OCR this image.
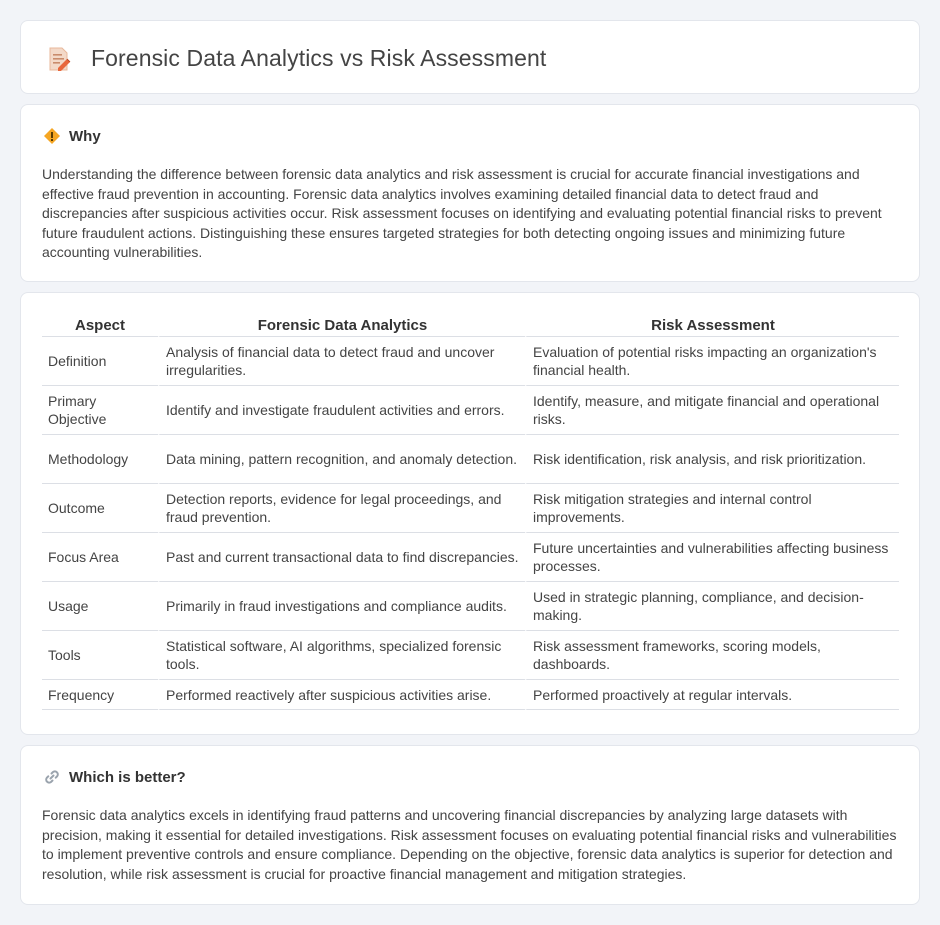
Forensic Data Analytics vs Risk Assessment
Why

Understanding the difference between forensic data analytics and risk assessment is crucial for accurate financial investigations and effective fraud prevention in accounting. Forensic data analytics involves examining detailed financial data to detect fraud and discrepancies after suspicious activities occur. Risk assessment focuses on identifying and evaluating potential financial risks to prevent future fraudulent actions. Distinguishing these ensures targeted strategies for both detecting ongoing issues and minimizing future accounting vulnerabilities.

Aspect	Forensic Data Analytics	Risk Assessment
Definition	Analysis of financial data to detect fraud and uncover irregularities.	Evaluation of potential risks impacting an organization's financial health.
Primary Objective	Identify and investigate fraudulent activities and errors.	Identify, measure, and mitigate financial and operational risks.
Methodology	Data mining, pattern recognition, and anomaly detection.	Risk identification, risk analysis, and risk prioritization.
Outcome	Detection reports, evidence for legal proceedings, and fraud prevention.	Risk mitigation strategies and internal control improvements.
Focus Area	Past and current transactional data to find discrepancies.	Future uncertainties and vulnerabilities affecting business processes.
Usage	Primarily in fraud investigations and compliance audits.	Used in strategic planning, compliance, and decision-making.
Tools	Statistical software, AI algorithms, specialized forensic tools.	Risk assessment frameworks, scoring models, dashboards.
Frequency	Performed reactively after suspicious activities arise.	Performed proactively at regular intervals.
Which is better?

Forensic data analytics excels in identifying fraud patterns and uncovering financial discrepancies by analyzing large datasets with precision, making it essential for detailed investigations. Risk assessment focuses on evaluating potential financial risks and vulnerabilities to implement preventive controls and ensure compliance. Depending on the objective, forensic data analytics is superior for detection and resolution, while risk assessment is crucial for proactive financial management and mitigation strategies.
